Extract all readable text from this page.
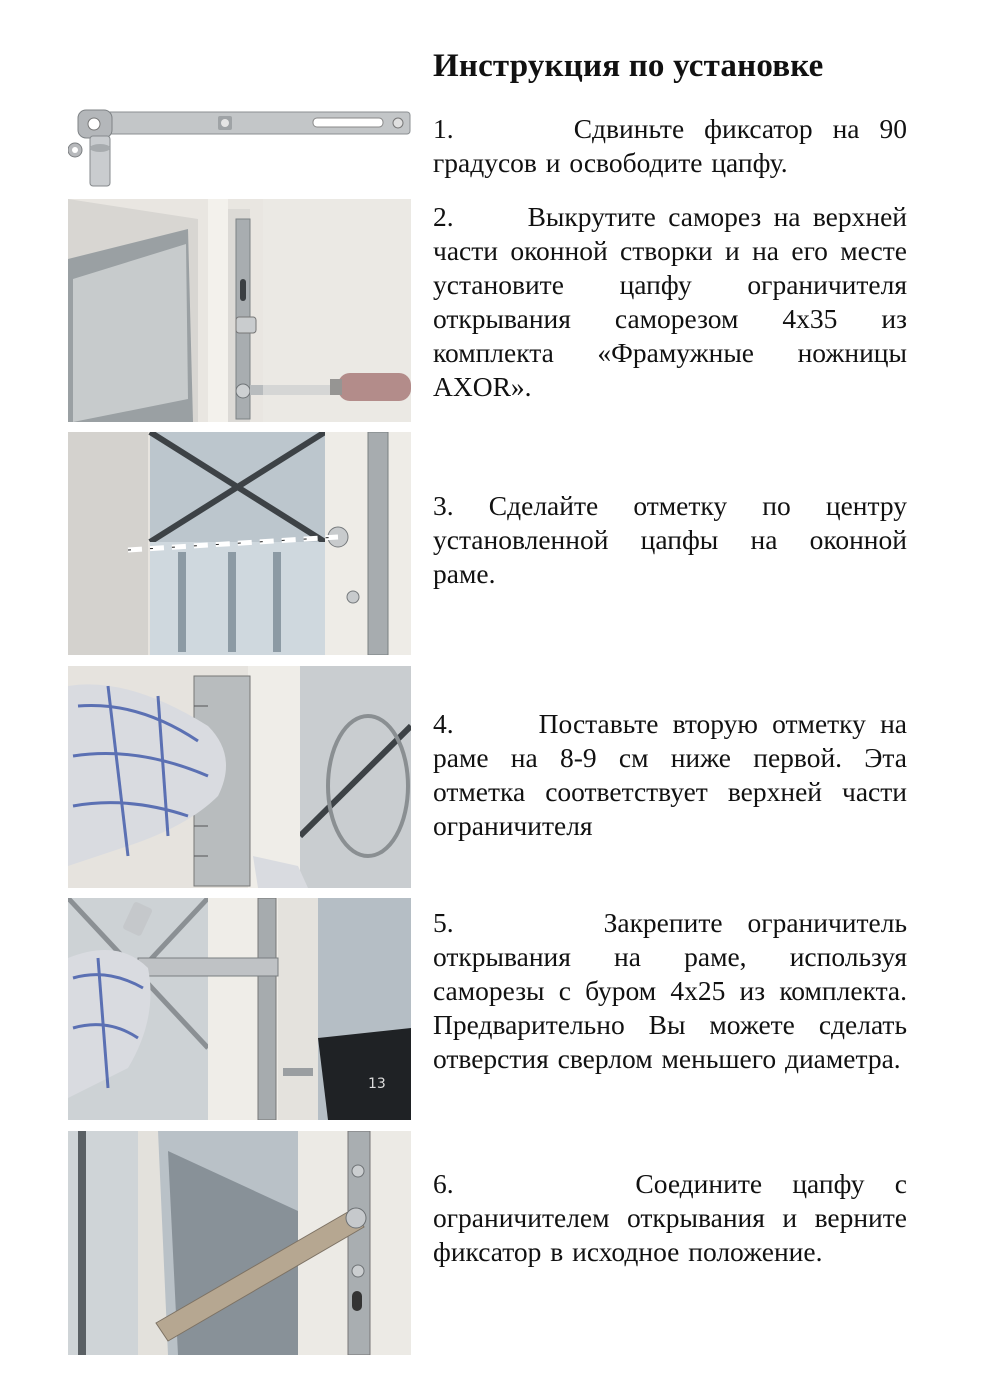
Инструкция по установке
1.	Сдвиньте фиксатор на 90 градусов и освободите цапфу.
2.	Выкрутите саморез на верхней части оконной створки и на его месте установите цапфу ограничителя открывания саморезом 4х35 из комплекта «Фрамужные ножницы AXOR».
3. Сделайте отметку по центру установленной цапфы на оконной раме.
4.	Поставьте вторую отметку на раме на 8-9 см ниже первой. Эта отметка соответствует верхней части ограничителя
5.	Закрепите ограничитель открывания на раме, используя саморезы с буром 4х25 из комплекта. Предварительно Вы можете сделать отверстия сверлом меньшего диаметра.
6.	Соедините цапфу с ограничителем открывания и верните фиксатор в исходное положение.
13
